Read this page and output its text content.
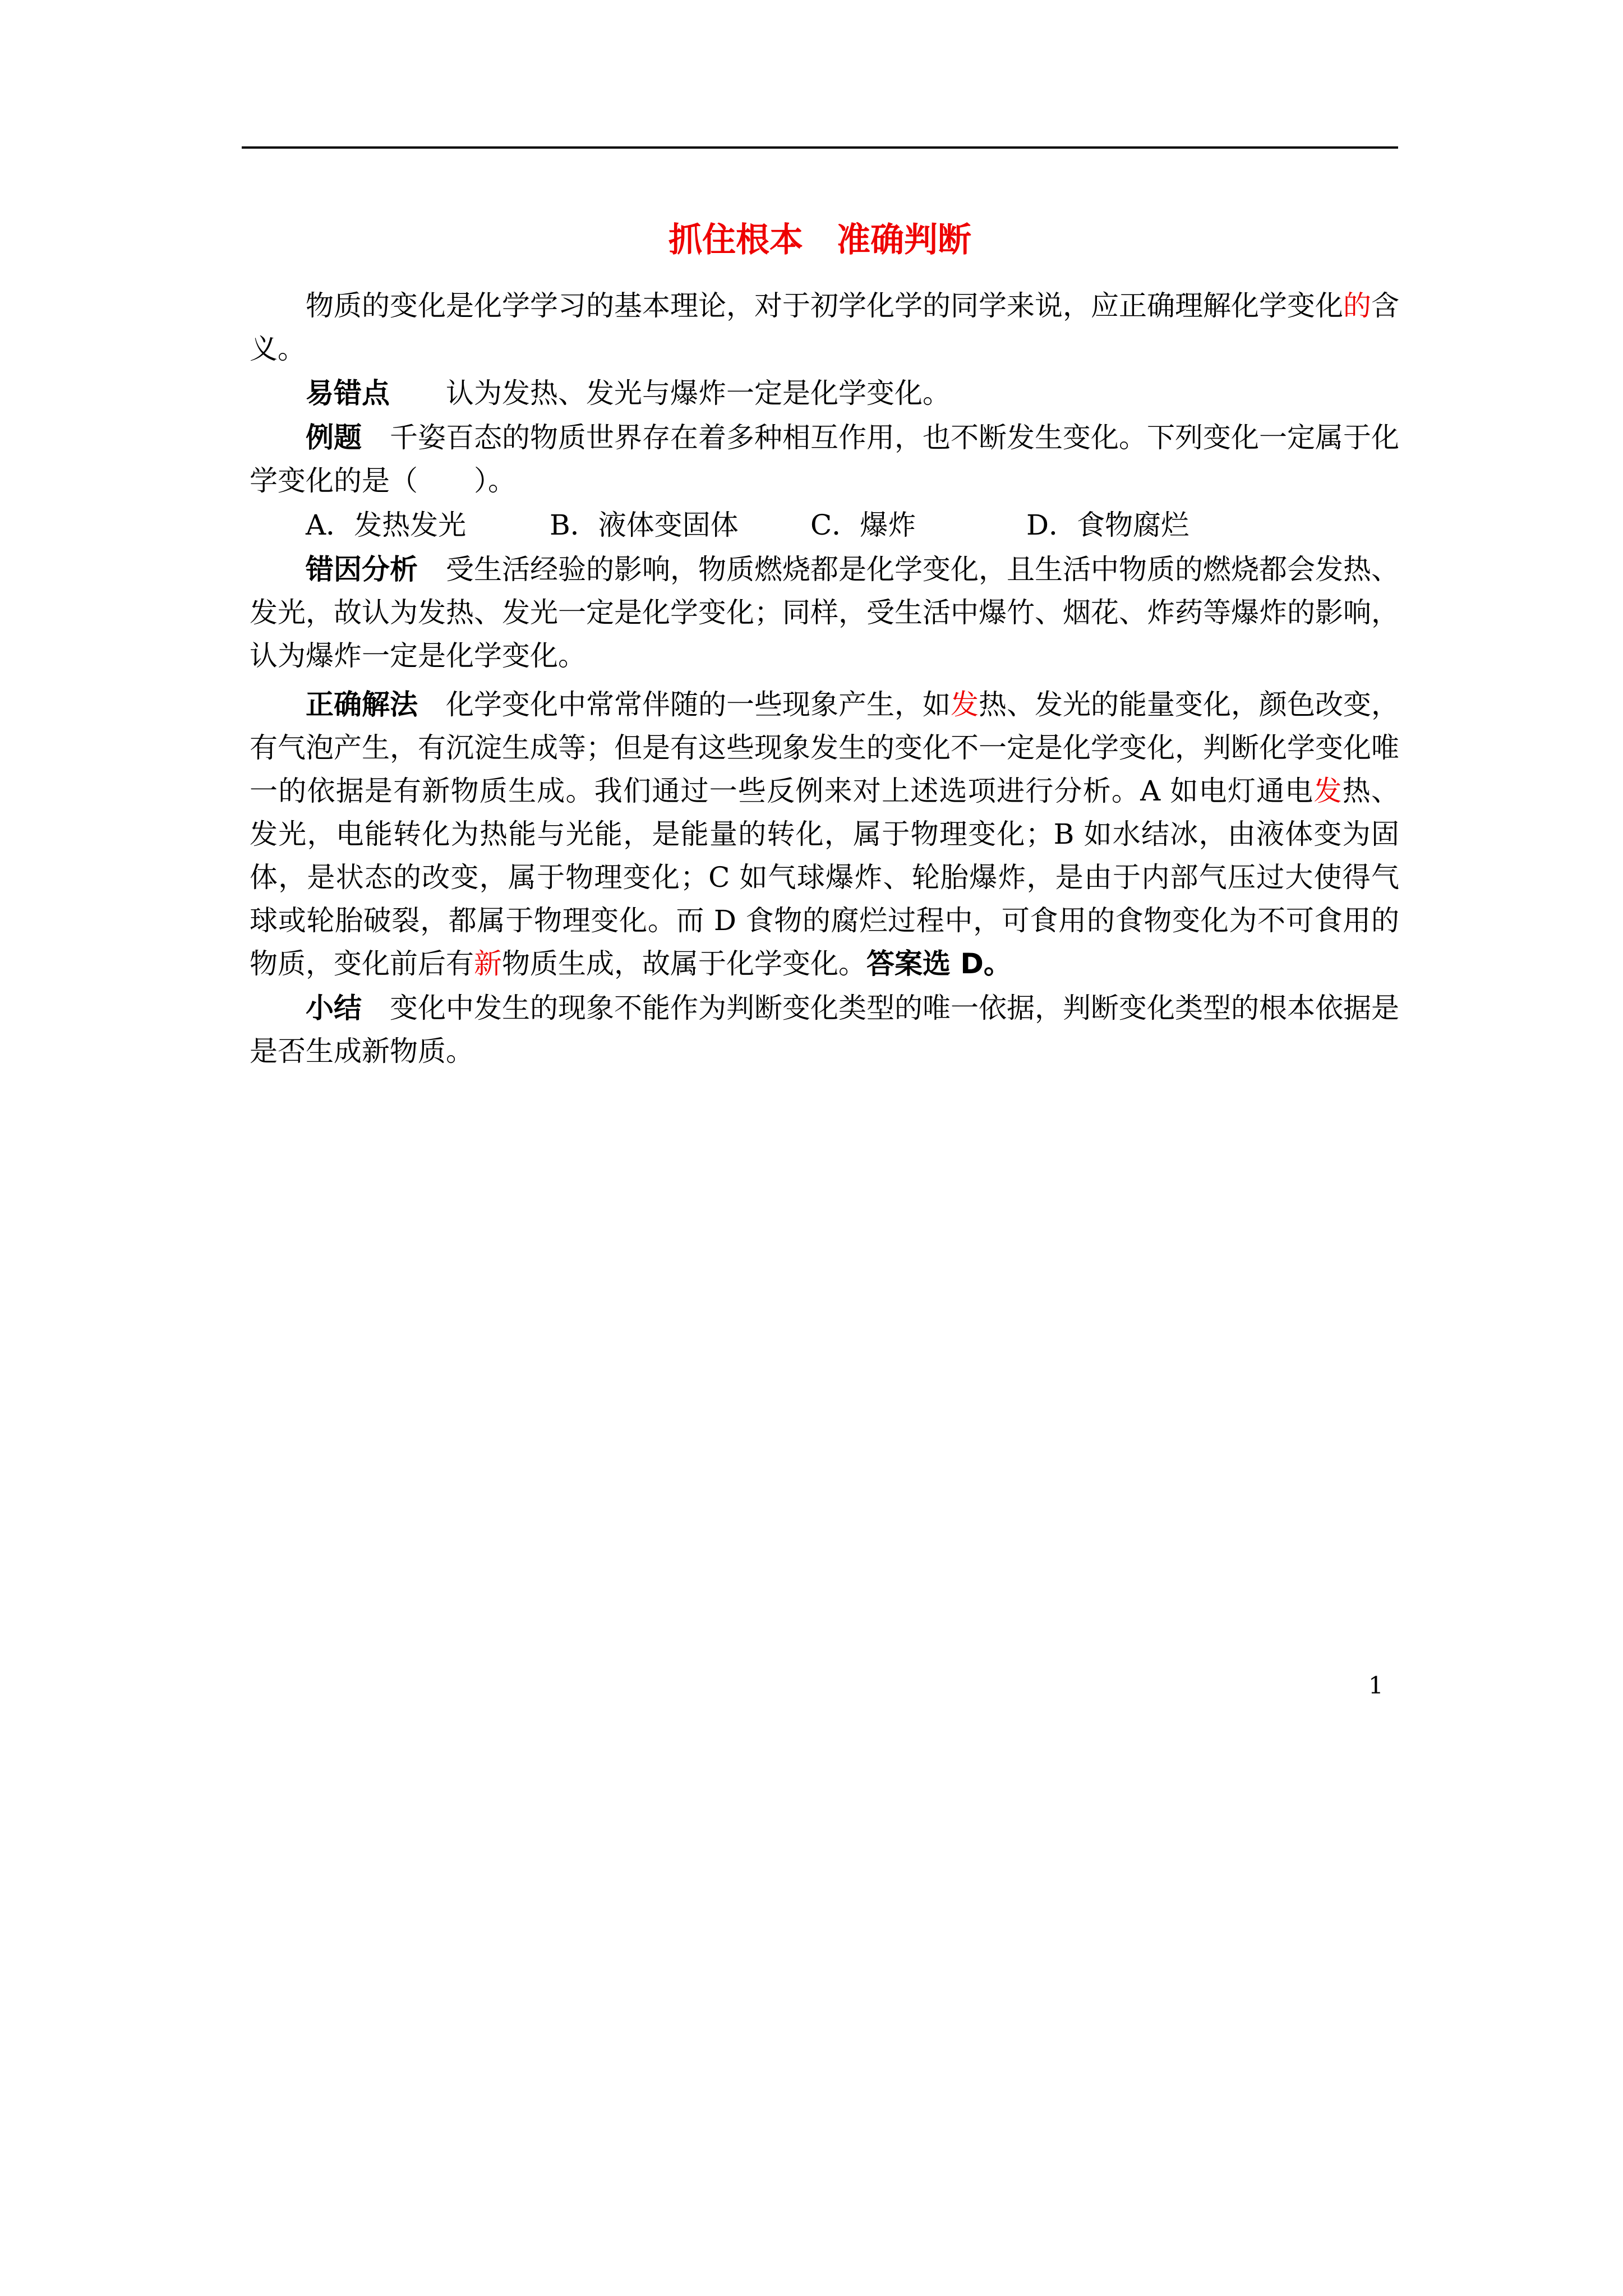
抓住根本　准确判断

物质的变化是化学学习的基本理论，对于初学化学的同学来说，应正确理解化学变化的含义。

易错点　　 认为发热、发光与爆炸一定是化学变化。

例题　 千姿百态的物质世界存在着多种相互作用，也不断发生变化。下列变化一定属于化学变化的是（　　）。

A．发热发光	B．液体变固体	C．爆炸	D．食物腐烂

错因分析　 受生活经验的影响，物质燃烧都是化学变化，且生活中物质的燃烧都会发热、发光，故认为发热、发光一定是化学变化；同样，受生活中爆竹、烟花、炸药等爆炸的影响，认为爆炸一定是化学变化。

正确解法　 化学变化中常常伴随的一些现象产生，如发热、发光的能量变化，颜色改变，有气泡产生，有沉淀生成等；但是有这些现象发生的变化不一定是化学变化，判断化学变化唯一的依据是有新物质生成。我们通过一些反例来对上述选项进行分析。A 如电灯通电发热、发光，电能转化为热能与光能，是能量的转化，属于物理变化；B 如水结冰，由液体变为固体，是状态的改变，属于物理变化；C 如气球爆炸、轮胎爆炸，是由于内部气压过大使得气球或轮胎破裂，都属于物理变化。而 D 食物的腐烂过程中，可食用的食物变化为不可食用的物质，变化前后有新物质生成，故属于化学变化。答案选 D。

小结　 变化中发生的现象不能作为判断变化类型的唯一依据，判断变化类型的根本依据是是否生成新物质。

1
